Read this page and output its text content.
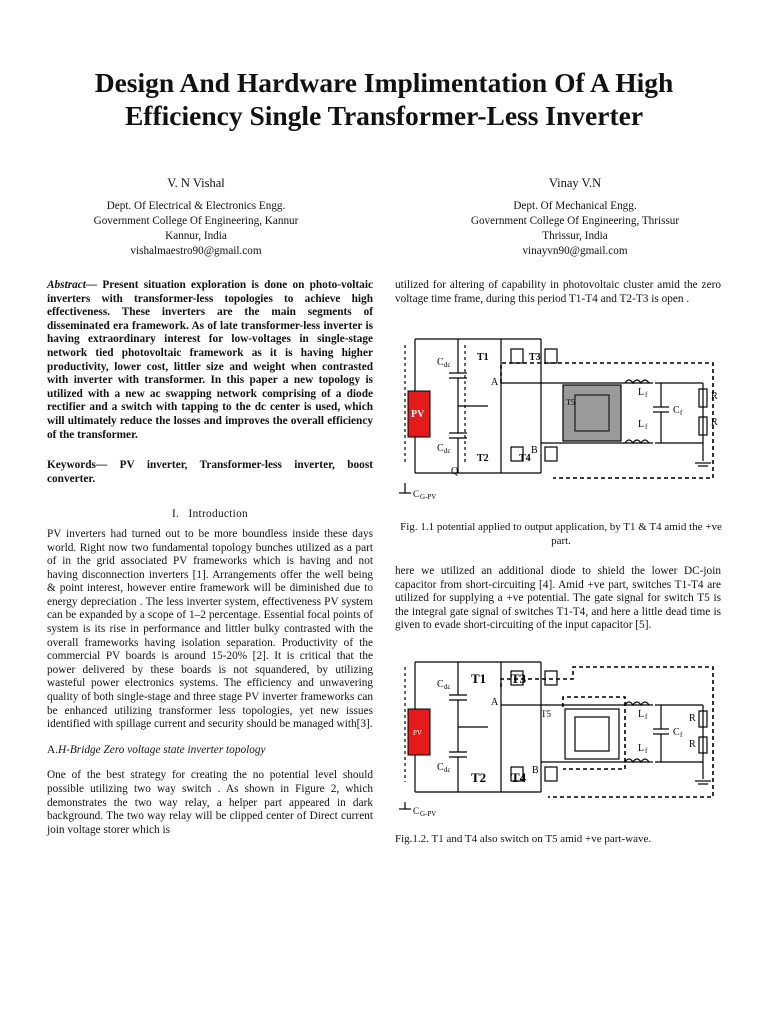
Design And Hardware Implimentation Of A High Efficiency Single Transformer-Less Inverter
V. N Vishal
Dept. Of Electrical & Electronics Engg.
Government College Of Engineering, Kannur
Kannur, India
vishalmaestro90@gmail.com
Vinay V.N
Dept. Of Mechanical Engg.
Government College Of Engineering, Thrissur
Thrissur, India
vinayvn90@gmail.com

Abstract— Present situation exploration is done on photo-voltaic inverters with transformer-less topologies to achieve high effectiveness. These inverters are the main segments of disseminated era framework. As of late transformer-less inverter is having extraordinary interest for low-voltages in single-stage network tied photovoltaic framework as it is having higher productivity, lower cost, littler size and weight when contrasted with inverter with transformer. In this paper a new topology is utilized with a new ac swapping network comprising of a diode rectifier and a switch with tapping to the dc center is used, which will ultimately reduce the losses and improves the overall efficiency of the transformer.

Keywords— PV inverter, Transformer-less inverter, boost converter.

I. Introduction

PV inverters had turned out to be more boundless inside these days world. Right now two fundamental topology bunches utilized as a part of in the grid associated PV frameworks which is having and not having disconnection inverters [1]. Arrangements offer the well being & point interest, however entire framework will be diminished due to energy depreciation . The less inverter system, effectiveness PV system can be expanded by a scope of 1–2 percentage. Essential focal points of system is its rise in performance and littler bulky contrasted with the overall frameworks having isolation separation. Productivity of the commercial PV boards is around 15-20% [2]. It is critical that the power delivered by these boards is not squandered, by utilizing wasteful power electronics systems. The efficiency and unwavering quality of both single-stage and three stage PV inverter frameworks can be enhanced utilizing transformer less topologies, yet new issues identified with spillage current and security should be managed with[3].

A.H-Bridge Zero voltage state inverter topology

One of the best strategy for creating the no potential level should possible utilizing two way switch . As shown in Figure 2, which demonstrates the two way relay, a helper part appeared in dark background. The two way relay will be clipped center of Direct current join voltage storer which is

utilized for altering of capability in photovoltaic cluster amid the zero voltage time frame, during this period T1-T4 and T2-T3 is open .

PV
C dc
C dc
T1	T3
T2	T4
T5
A
B
Q
L f
L f
C f
R
R
C G-PV
Fig. 1.1 potential applied to output application, by T1 & T4 amid the +ve part.

here we utilized an additional diode to shield the lower DC-join capacitor from short-circuiting [4]. Amid +ve part, switches T1-T4 are utilized for supplying a +ve potential. The gate signal for switch T5 is the integral gate signal of switches T1-T4, and here a little dead time is given to evade short-circuiting of the input capacitor [5].

PV
C dc
C dc
T1 T3
T2 T4
T5
A
B
L f
L f
C f
R
R
C G-PV
Fig.1.2. T1 and T4 also switch on T5 amid +ve part-wave.
